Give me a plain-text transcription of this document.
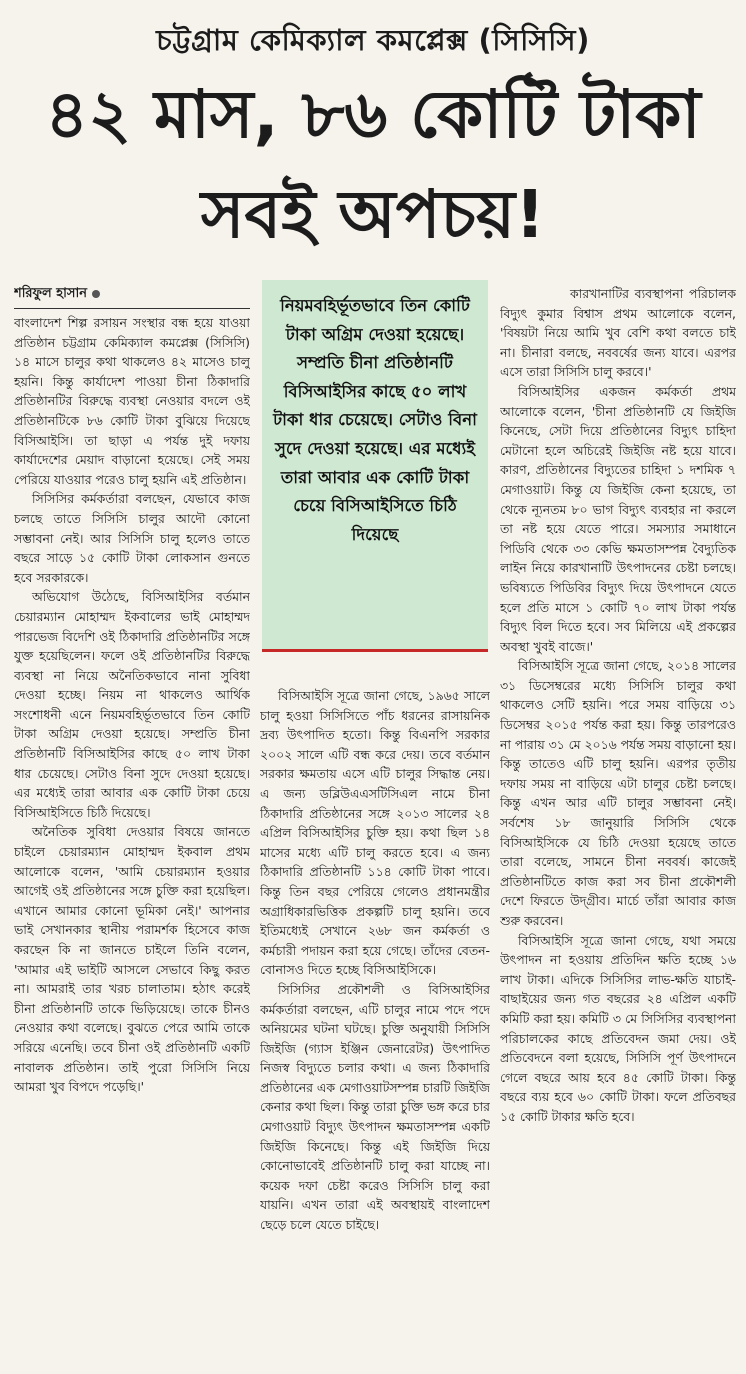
চট্টগ্রাম কেমিক্যাল কমপ্লেক্স (সিসিসি)
৪২ মাস, ৮৬ কোটি টাকা
সবই অপচয়!
শরিফুল হাসান

বাংলাদেশ শিল্প রসায়ন সংস্থার বন্ধ হয়ে যাওয়া প্রতিষ্ঠান চট্টগ্রাম কেমিক্যাল কমপ্লেক্স (সিসিসি) ১৪ মাসে চালুর কথা থাকলেও ৪২ মাসেও চালু হয়নি। কিন্তু কার্যাদেশ পাওয়া চীনা ঠিকাদারি প্রতিষ্ঠানটির বিরুদ্ধে ব্যবস্থা নেওয়ার বদলে ওই প্রতিষ্ঠানটিকে ৮৬ কোটি টাকা বুঝিয়ে দিয়েছে বিসিআইসি। তা ছাড়া এ পর্যন্ত দুই দফায় কার্যাদেশের মেয়াদ বাড়ানো হয়েছে। সেই সময় পেরিয়ে যাওয়ার পরেও চালু হয়নি এই প্রতিষ্ঠান।

সিসিসির কর্মকর্তারা বলছেন, যেভাবে কাজ চলছে তাতে সিসিসি চালুর আদৌ কোনো সম্ভাবনা নেই। আর সিসিসি চালু হলেও তাতে বছরে সাড়ে ১৫ কোটি টাকা লোকসান গুনতে হবে সরকারকে।

অভিযোগ উঠেছে, বিসিআইসির বর্তমান চেয়ারম্যান মোহাম্মদ ইকবালের ভাই মোহাম্মদ পারভেজ বিদেশি ওই ঠিকাদারি প্রতিষ্ঠানটির সঙ্গে যুক্ত হয়েছিলেন। ফলে ওই প্রতিষ্ঠানটির বিরুদ্ধে ব্যবস্থা না নিয়ে অনৈতিকভাবে নানা সুবিধা দেওয়া হচ্ছে। নিয়ম না থাকলেও আর্থিক সংশোধনী এনে নিয়মবহির্ভূতভাবে তিন কোটি টাকা অগ্রিম দেওয়া হয়েছে। সম্প্রতি চীনা প্রতিষ্ঠানটি বিসিআইসির কাছে ৫০ লাখ টাকা ধার চেয়েছে। সেটাও বিনা সুদে দেওয়া হয়েছে। এর মধ্যেই তারা আবার এক কোটি টাকা চেয়ে বিসিআইসিতে চিঠি দিয়েছে।

অনৈতিক সুবিধা দেওয়ার বিষয়ে জানতে চাইলে চেয়ারম্যান মোহাম্মদ ইকবাল প্রথম আলোকে বলেন, 'আমি চেয়ারম্যান হওয়ার আগেই ওই প্রতিষ্ঠানের সঙ্গে চুক্তি করা হয়েছিল। এখানে আমার কোনো ভূমিকা নেই।' আপনার ভাই সেখানকার স্থানীয় পরামর্শক হিসেবে কাজ করছেন কি না জানতে চাইলে তিনি বলেন, 'আমার এই ভাইটি আসলে সেভাবে কিছু করত না। আমরাই তার খরচ চালাতাম। হঠাৎ করেই চীনা প্রতিষ্ঠানটি তাকে ভিড়িয়েছে। তাকে চীনও নেওয়ার কথা বলেছে। বুঝতে পেরে আমি তাকে সরিয়ে এনেছি। তবে চীনা ওই প্রতিষ্ঠানটি একটি নাবালক প্রতিষ্ঠান। তাই পুরো সিসিসি নিয়ে আমরা খুব বিপদে পড়েছি।'

নিয়মবহির্ভূতভাবে তিন কোটি টাকা অগ্রিম দেওয়া হয়েছে। সম্প্রতি চীনা প্রতিষ্ঠানটি বিসিআইসির কাছে ৫০ লাখ টাকা ধার চেয়েছে। সেটাও বিনা সুদে দেওয়া হয়েছে। এর মধ্যেই তারা আবার এক কোটি টাকা চেয়ে বিসিআইসিতে চিঠি দিয়েছে

বিসিআইসি সূত্রে জানা গেছে, ১৯৬৫ সালে চালু হওয়া সিসিসিতে পাঁচ ধরনের রাসায়নিক দ্রব্য উৎপাদিত হতো। কিন্তু বিএনপি সরকার ২০০২ সালে এটি বন্ধ করে দেয়। তবে বর্তমান সরকার ক্ষমতায় এসে এটি চালুর সিদ্ধান্ত নেয়। এ জন্য ডব্লিউএএসটিসিএল নামে চীনা ঠিকাদারি প্রতিষ্ঠানের সঙ্গে ২০১৩ সালের ২৪ এপ্রিল বিসিআইসির চুক্তি হয়। কথা ছিল ১৪ মাসের মধ্যে এটি চালু করতে হবে। এ জন্য ঠিকাদারি প্রতিষ্ঠানটি ১১৪ কোটি টাকা পাবে। কিন্তু তিন বছর পেরিয়ে গেলেও প্রধানমন্ত্রীর অগ্রাধিকারভিত্তিক প্রকল্পটি চালু হয়নি। তবে ইতিমধ্যেই সেখানে ২৬৮ জন কর্মকর্তা ও কর্মচারী পদায়ন করা হয়ে গেছে। তাঁদের বেতন-বোনাসও দিতে হচ্ছে বিসিআইসিকে।

সিসিসির প্রকৌশলী ও বিসিআইসির কর্মকর্তারা বলছেন, এটি চালুর নামে পদে পদে অনিয়মের ঘটনা ঘটছে। চুক্তি অনুযায়ী সিসিসি জিইজি (গ্যাস ইঞ্জিন জেনারেটর) উৎপাদিত নিজস্ব বিদ্যুতে চলার কথা। এ জন্য ঠিকাদারি প্রতিষ্ঠানের এক মেগাওয়াটসম্পন্ন চারটি জিইজি কেনার কথা ছিল। কিন্তু তারা চুক্তি ভঙ্গ করে চার মেগাওয়াট বিদ্যুৎ উৎপাদন ক্ষমতাসম্পন্ন একটি জিইজি কিনেছে। কিন্তু এই জিইজি দিয়ে কোনোভাবেই প্রতিষ্ঠানটি চালু করা যাচ্ছে না। কয়েক দফা চেষ্টা করেও সিসিসি চালু করা যায়নি। এখন তারা এই অবস্থায়ই বাংলাদেশ ছেড়ে চলে যেতে চাইছে।

কারখানাটির ব্যবস্থাপনা পরিচালক বিদ্যুৎ কুমার বিশ্বাস প্রথম আলোকে বলেন, 'বিষয়টা নিয়ে আমি খুব বেশি কথা বলতে চাই না। চীনারা বলছে, নববর্ষের জন্য যাবে। এরপর এসে তারা সিসিসি চালু করবে।'

বিসিআইসির একজন কর্মকর্তা প্রথম আলোকে বলেন, 'চীনা প্রতিষ্ঠানটি যে জিইজি কিনেছে, সেটা দিয়ে প্রতিষ্ঠানের বিদ্যুৎ চাহিদা মেটানো হলে অচিরেই জিইজি নষ্ট হয়ে যাবে। কারণ, প্রতিষ্ঠানের বিদ্যুতের চাহিদা ১ দশমিক ৭ মেগাওয়াট। কিন্তু যে জিইজি কেনা হয়েছে, তা থেকে ন্যূনতম ৮০ ভাগ বিদ্যুৎ ব্যবহার না করলে তা নষ্ট হয়ে যেতে পারে। সমস্যার সমাধানে পিডিবি থেকে ৩৩ কেভি ক্ষমতাসম্পন্ন বৈদ্যুতিক লাইন নিয়ে কারখানাটি উৎপাদনের চেষ্টা চলছে। ভবিষ্যতে পিডিবির বিদ্যুৎ দিয়ে উৎপাদনে যেতে হলে প্রতি মাসে ১ কোটি ৭০ লাখ টাকা পর্যন্ত বিদ্যুৎ বিল দিতে হবে। সব মিলিয়ে এই প্রকল্পের অবস্থা খুবই বাজে।'

বিসিআইসি সূত্রে জানা গেছে, ২০১৪ সালের ৩১ ডিসেম্বরের মধ্যে সিসিসি চালুর কথা থাকলেও সেটি হয়নি। পরে সময় বাড়িয়ে ৩১ ডিসেম্বর ২০১৫ পর্যন্ত করা হয়। কিন্তু তারপরেও না পারায় ৩১ মে ২০১৬ পর্যন্ত সময় বাড়ানো হয়। কিন্তু তাতেও এটি চালু হয়নি। এরপর তৃতীয় দফায় সময় না বাড়িয়ে এটা চালুর চেষ্টা চলছে। কিন্তু এখন আর এটি চালুর সম্ভাবনা নেই। সর্বশেষ ১৮ জানুয়ারি সিসিসি থেকে বিসিআইসিকে যে চিঠি দেওয়া হয়েছে তাতে তারা বলেছে, সামনে চীনা নববর্ষ। কাজেই প্রতিষ্ঠানটিতে কাজ করা সব চীনা প্রকৌশলী দেশে ফিরতে উদ্‌গ্রীব। মার্চে তাঁরা আবার কাজ শুরু করবেন।

বিসিআইসি সূত্রে জানা গেছে, যথা সময়ে উৎপাদন না হওয়ায় প্রতিদিন ক্ষতি হচ্ছে ১৬ লাখ টাকা। এদিকে সিসিসির লাভ-ক্ষতি যাচাই-বাছাইয়ের জন্য গত বছরের ২৪ এপ্রিল একটি কমিটি করা হয়। কমিটি ৩ মে সিসিসির ব্যবস্থাপনা পরিচালকের কাছে প্রতিবেদন জমা দেয়। ওই প্রতিবেদনে বলা হয়েছে, সিসিসি পূর্ণ উৎপাদনে গেলে বছরে আয় হবে ৪৫ কোটি টাকা। কিন্তু বছরে ব্যয় হবে ৬০ কোটি টাকা। ফলে প্রতিবছর ১৫ কোটি টাকার ক্ষতি হবে।
